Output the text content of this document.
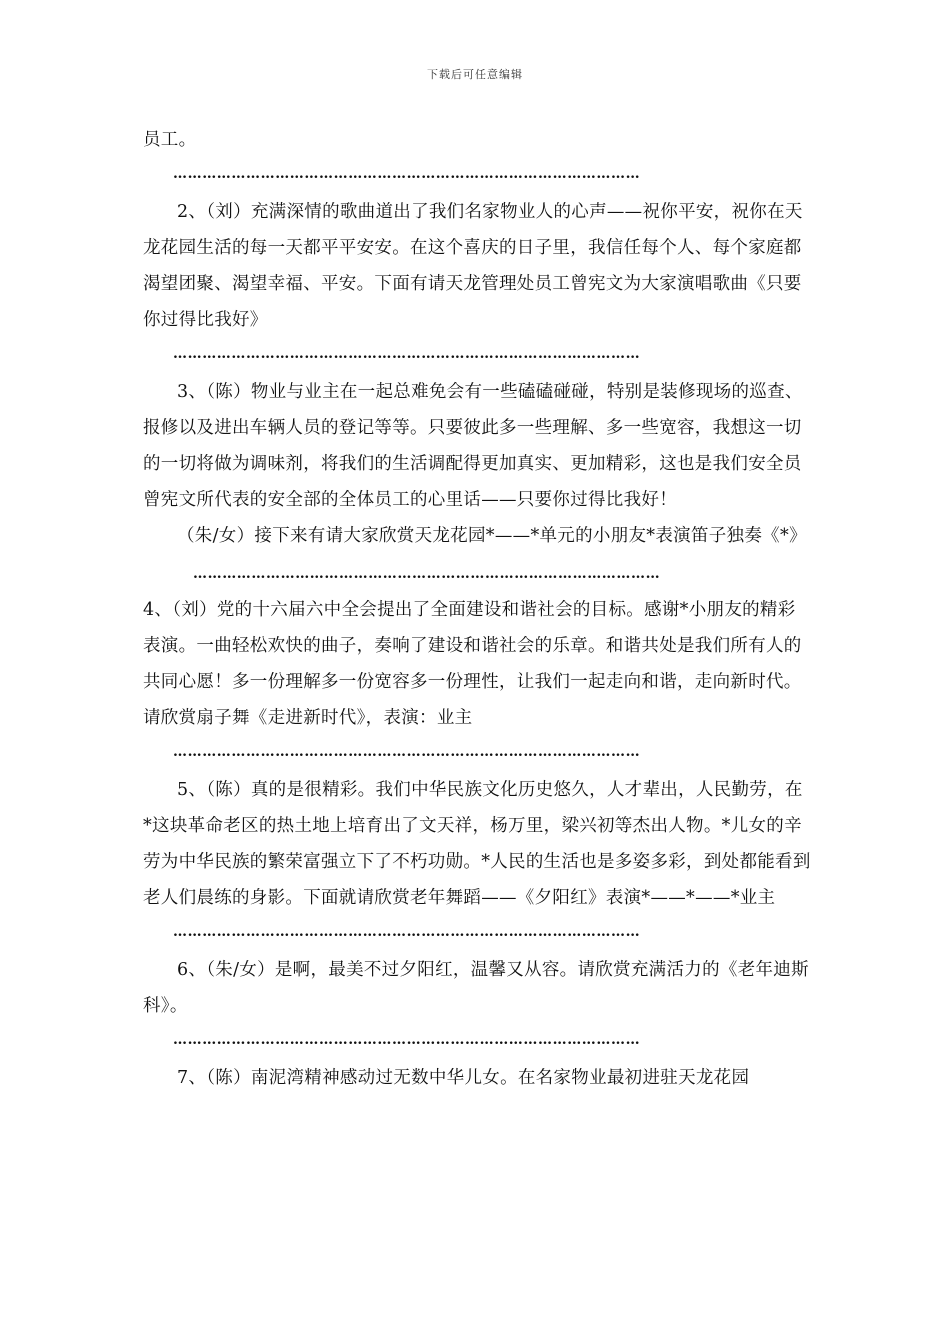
下载后可任意编辑

员工。

……………………………………………………………………………………

2、（刘）充满深情的歌曲道出了我们名家物业人的心声——祝你平安，祝你在天龙花园生活的每一天都平平安安。在这个喜庆的日子里，我信任每个人、每个家庭都渴望团聚、渴望幸福、平安。下面有请天龙管理处员工曾宪文为大家演唱歌曲《只要你过得比我好》

……………………………………………………………………………………

3、（陈）物业与业主在一起总难免会有一些磕磕碰碰，特别是装修现场的巡查、报修以及进出车辆人员的登记等等。只要彼此多一些理解、多一些宽容，我想这一切的一切将做为调味剂，将我们的生活调配得更加真实、更加精彩，这也是我们安全员曾宪文所代表的安全部的全体员工的心里话——只要你过得比我好！

（朱/女）接下来有请大家欣赏天龙花园*——*单元的小朋友*表演笛子独奏《*》

……………………………………………………………………………………

4、（刘）党的十六届六中全会提出了全面建设和谐社会的目标。感谢*小朋友的精彩表演。一曲轻松欢快的曲子，奏响了建设和谐社会的乐章。和谐共处是我们所有人的共同心愿！多一份理解多一份宽容多一份理性，让我们一起走向和谐，走向新时代。请欣赏扇子舞《走进新时代》，表演：业主

……………………………………………………………………………………

5、（陈）真的是很精彩。我们中华民族文化历史悠久，人才辈出，人民勤劳，在*这块革命老区的热土地上培育出了文天祥，杨万里，梁兴初等杰出人物。*儿女的辛劳为中华民族的繁荣富强立下了不朽功勋。*人民的生活也是多姿多彩，到处都能看到老人们晨练的身影。下面就请欣赏老年舞蹈——《夕阳红》表演*——*——*业主

……………………………………………………………………………………

6、（朱/女）是啊，最美不过夕阳红，温馨又从容。请欣赏充满活力的《老年迪斯科》。

……………………………………………………………………………………

7、（陈）南泥湾精神感动过无数中华儿女。在名家物业最初进驻天龙花园
